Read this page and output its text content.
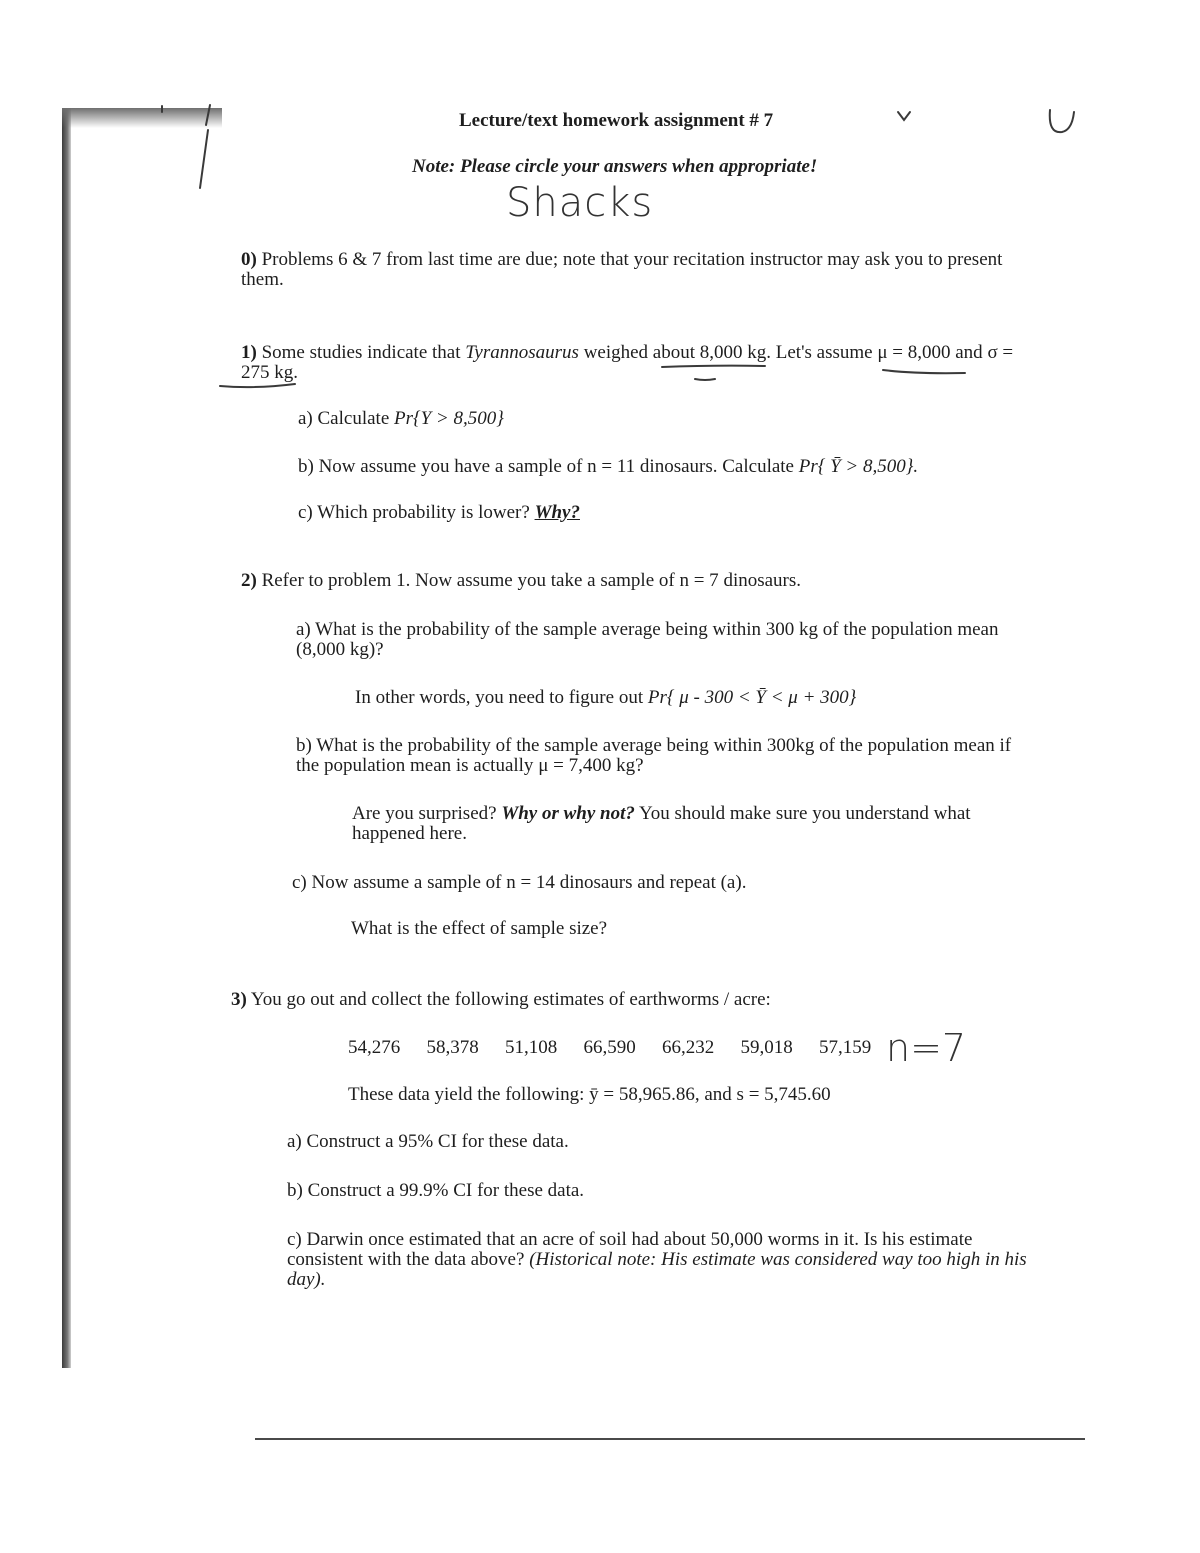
Lecture/text homework assignment # 7
Note: Please circle your answers when appropriate!
Shacks
0) Problems 6 & 7 from last time are due; note that your recitation instructor may ask you to present them.
1) Some studies indicate that Tyrannosaurus weighed about 8,000 kg. Let's assume μ = 8,000 and σ =
275 kg.
a) Calculate Pr{Y > 8,500}
b) Now assume you have a sample of n = 11 dinosaurs. Calculate Pr{ Ȳ > 8,500}.
c) Which probability is lower? Why?
2) Refer to problem 1. Now assume you take a sample of n = 7 dinosaurs.
a) What is the probability of the sample average being within 300 kg of the population mean (8,000 kg)?
In other words, you need to figure out Pr{ μ - 300 < Ȳ < μ + 300}
b) What is the probability of the sample average being within 300kg of the population mean if the population mean is actually μ = 7,400 kg?
Are you surprised? Why or why not? You should make sure you understand what happened here.
c) Now assume a sample of n = 14 dinosaurs and repeat (a).
What is the effect of sample size?
3) You go out and collect the following estimates of earthworms / acre:
54,276 58,378 51,108 66,590 66,232 59,018 57,159 n=7
These data yield the following: ȳ = 58,965.86, and s = 5,745.60
a) Construct a 95% CI for these data.
b) Construct a 99.9% CI for these data.
c) Darwin once estimated that an acre of soil had about 50,000 worms in it. Is his estimate consistent with the data above? (Historical note: His estimate was considered way too high in his day).
